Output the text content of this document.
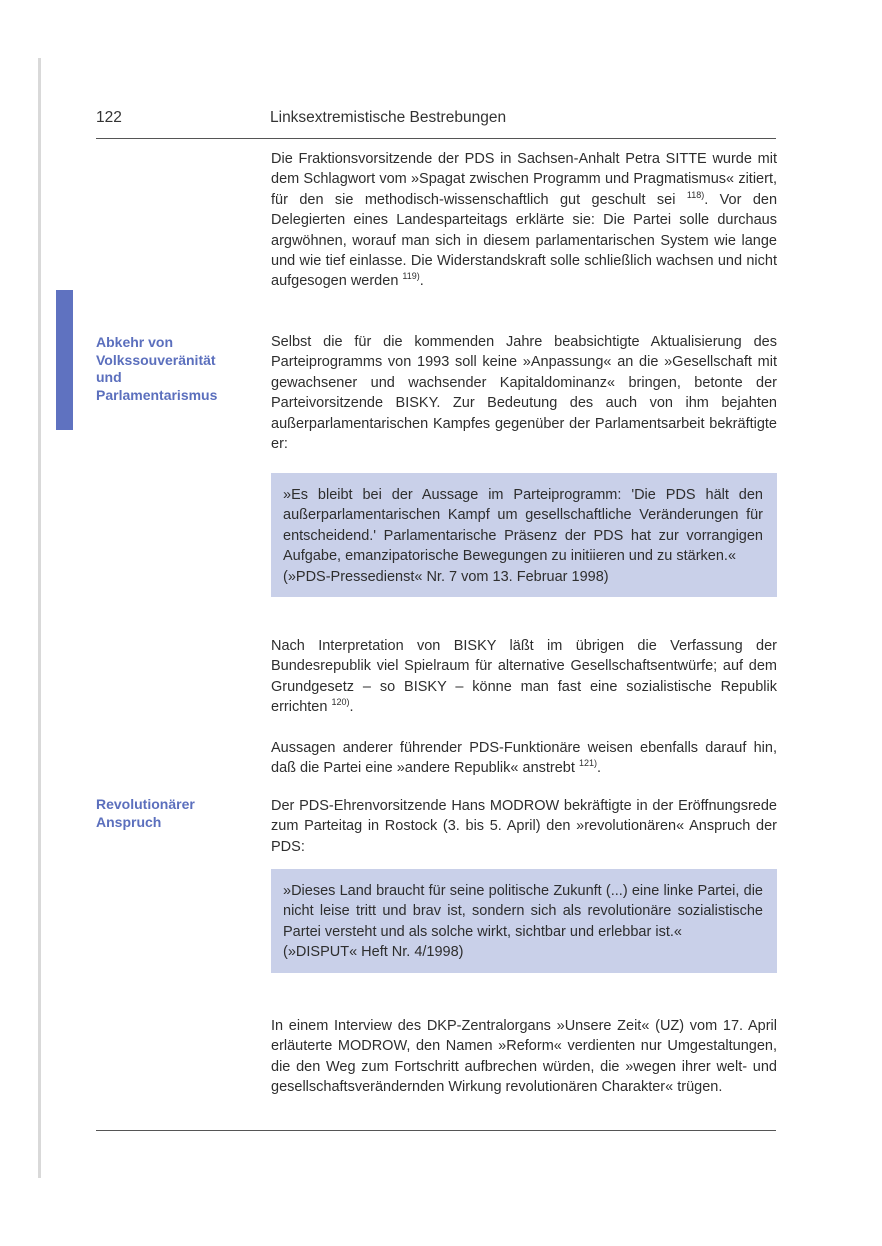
122	Linksextremistische Bestrebungen
Abkehr von
Volkssouveränität
und
Parlamentarismus
Revolutionärer
Anspruch

Die Fraktionsvorsitzende der PDS in Sachsen-Anhalt Petra SITTE wurde mit dem Schlagwort vom »Spagat zwischen Programm und Pragmatismus« zitiert, für den sie methodisch-wissenschaftlich gut geschult sei $^{118)}$. Vor den Delegierten eines Landesparteitags erklärte sie: Die Partei solle durchaus argwöhnen, worauf man sich in diesem parlamentarischen System wie lange und wie tief einlasse. Die Widerstandskraft solle schließlich wachsen und nicht aufgesogen werden $^{119)}$.

Selbst die für die kommenden Jahre beabsichtigte Aktualisierung des Parteiprogramms von 1993 soll keine »Anpassung« an die »Gesellschaft mit gewachsener und wachsender Kapitaldominanz« bringen, betonte der Parteivorsitzende BISKY. Zur Bedeutung des auch von ihm bejahten außerparlamentarischen Kampfes gegenüber der Parlamentsarbeit bekräftigte er:

»Es bleibt bei der Aussage im Parteiprogramm: 'Die PDS hält den außerparlamentarischen Kampf um gesellschaftliche Veränderungen für entscheidend.' Parlamentarische Präsenz der PDS hat zur vorrangigen Aufgabe, emanzipatorische Bewegungen zu initiieren und zu stärken.«

(»PDS-Pressedienst« Nr. 7 vom 13. Februar 1998)

Nach Interpretation von BISKY läßt im übrigen die Verfassung der Bundesrepublik viel Spielraum für alternative Gesellschaftsentwürfe; auf dem Grundgesetz – so BISKY – könne man fast eine sozialistische Republik errichten $^{120)}$.

Aussagen anderer führender PDS-Funktionäre weisen ebenfalls darauf hin, daß die Partei eine »andere Republik« anstrebt $^{121)}$.

Der PDS-Ehrenvorsitzende Hans MODROW bekräftigte in der Eröffnungsrede zum Parteitag in Rostock (3. bis 5. April) den »revolutionären« Anspruch der PDS:

»Dieses Land braucht für seine politische Zukunft (...) eine linke Partei, die nicht leise tritt und brav ist, sondern sich als revolutionäre sozialistische Partei versteht und als solche wirkt, sichtbar und erlebbar ist.«

(»DISPUT« Heft Nr. 4/1998)

In einem Interview des DKP-Zentralorgans »Unsere Zeit« (UZ) vom 17. April erläuterte MODROW, den Namen »Reform« verdienten nur Umgestaltungen, die den Weg zum Fortschritt aufbrechen würden, die »wegen ihrer welt- und gesellschaftsverändernden Wirkung revolutionären Charakter« trügen.
